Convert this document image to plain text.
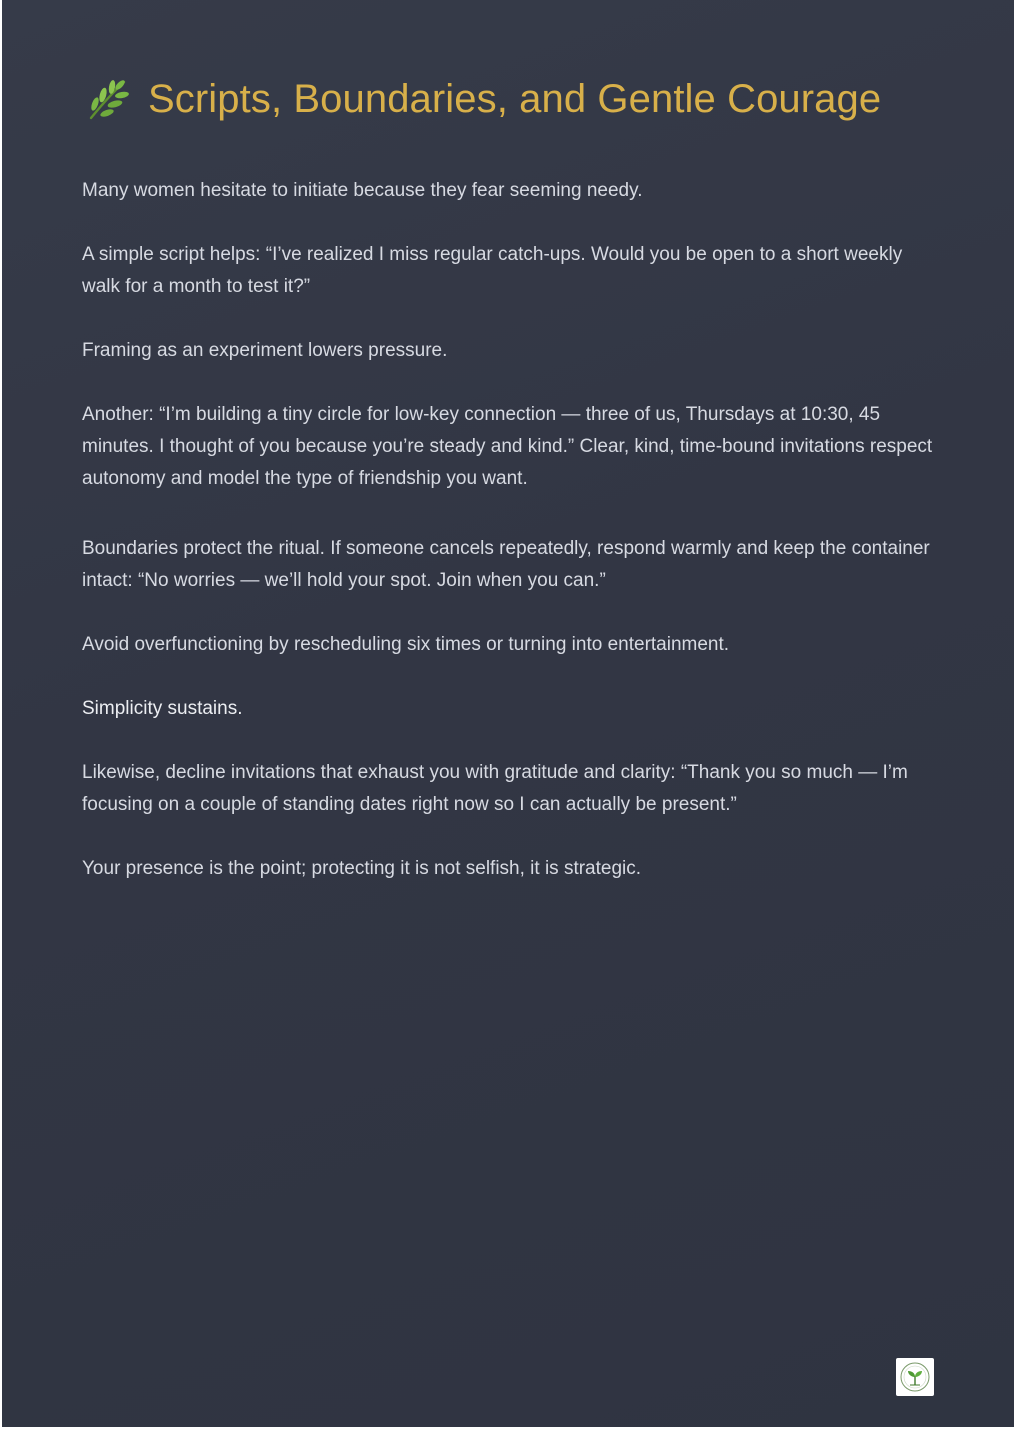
Scripts, Boundaries, and Gentle Courage

Many women hesitate to initiate because they fear seeming needy.

A simple script helps: “I’ve realized I miss regular catch-ups. Would you be open to a short weekly walk for a month to test it?”

Framing as an experiment lowers pressure.

Another: “I’m building a tiny circle for low-key connection — three of us, Thursdays at 10:30, 45 minutes. I thought of you because you’re steady and kind.” Clear, kind, time-bound invitations respect autonomy and model the type of friendship you want.

Boundaries protect the ritual. If someone cancels repeatedly, respond warmly and keep the container intact: “No worries — we’ll hold your spot. Join when you can.”

Avoid overfunctioning by rescheduling six times or turning into entertainment.

Simplicity sustains.

Likewise, decline invitations that exhaust you with gratitude and clarity: “Thank you so much — I’m focusing on a couple of standing dates right now so I can actually be present.”

Your presence is the point; protecting it is not selfish, it is strategic.
